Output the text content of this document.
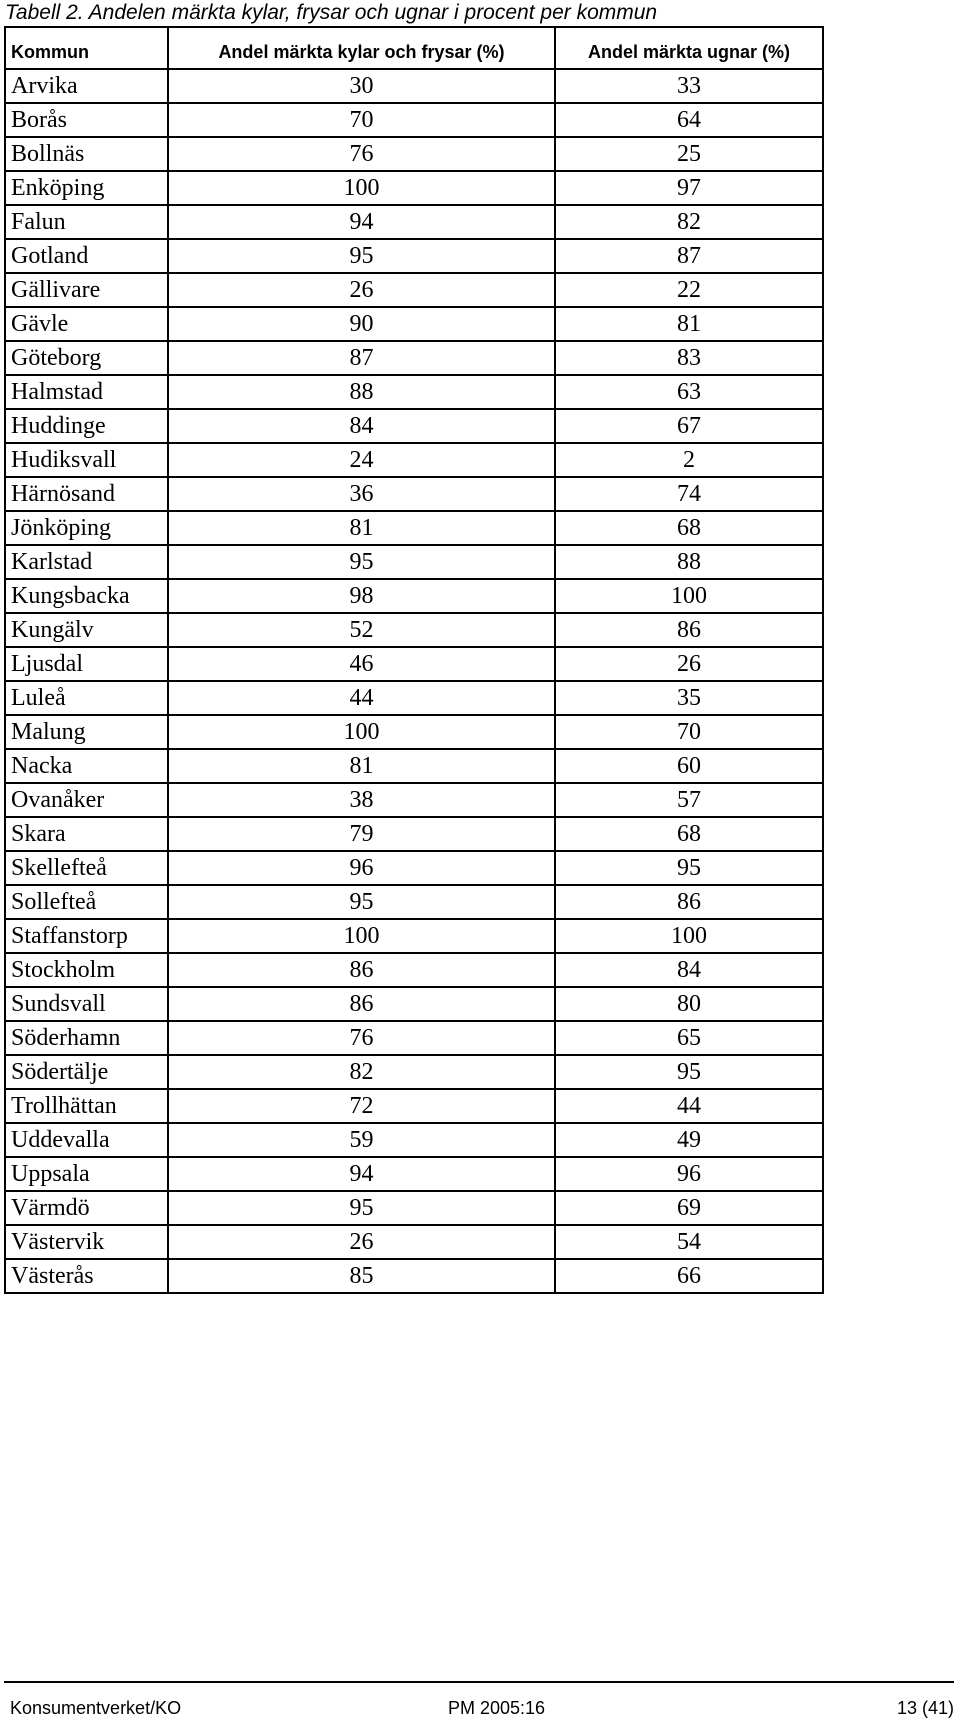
Tabell 2. Andelen märkta kylar, frysar och ugnar i procent per kommun
Kommun	Andel märkta kylar och frysar (%)	Andel märkta ugnar (%)
Arvika	30	33
Borås	70	64
Bollnäs	76	25
Enköping	100	97
Falun	94	82
Gotland	95	87
Gällivare	26	22
Gävle	90	81
Göteborg	87	83
Halmstad	88	63
Huddinge	84	67
Hudiksvall	24	2
Härnösand	36	74
Jönköping	81	68
Karlstad	95	88
Kungsbacka	98	100
Kungälv	52	86
Ljusdal	46	26
Luleå	44	35
Malung	100	70
Nacka	81	60
Ovanåker	38	57
Skara	79	68
Skellefteå	96	95
Sollefteå	95	86
Staffanstorp	100	100
Stockholm	86	84
Sundsvall	86	80
Söderhamn	76	65
Södertälje	82	95
Trollhättan	72	44
Uddevalla	59	49
Uppsala	94	96
Värmdö	95	69
Västervik	26	54
Västerås	85	66
Konsumentverket/KO	PM 2005:16	13 (41)
